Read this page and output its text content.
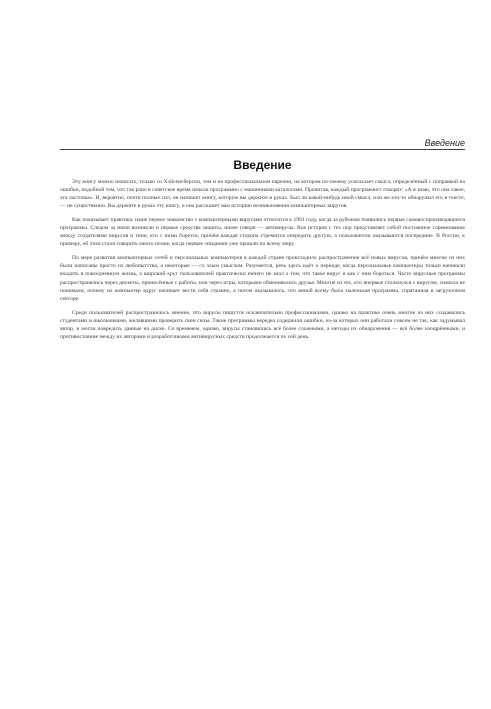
Введение
Введение

Эту книгу можно написать, только со Хэйсенсбергом, тем и на профессиональном наречии, на котором по-своему ускользает смысл, определённый с поправкой на ошибки, подобной тем, что так рано в советское время начали программно с машинными каталогами. Прочитав, каждый программист говорит: «А я знаю, что она такое, эта ласточка». И, вероятно, почти полные сил, он напишет книгу, которую вы держите в руках. Был ли какой-нибудь иной смысл, или же кто-то обнаружил его в тексте, — не существенно. Вы держите в руках эту книгу, и она расскажет вам историю возникновения компьютерных вирусов.

Как показывает практика, наше первое знакомство с компьютерными вирусами относится к 1981 году, когда за рубежом появились первые самовоспроизводящиеся программы. Следом за ними возникли и первые средства защиты, иначе говоря — антивирусы. Вся история с тех пор представляет собой постоянное соревнование между создателями вирусов и теми, кто с ними борется, причём каждая сторона стремится опередить другую, а пользователи оказываются посередине. В России, к примеру, об этом стали говорить много позже, когда первые эпидемии уже прошли по всему миру.

По мере развития компьютерных сетей и персональных компьютеров в каждой стране происходило распространение всё новых вирусов, причём многие из них были написаны просто из любопытства, а некоторые — со злым умыслом. Разумеется, речь здесь идёт о периоде, когда персональные компьютеры только начинали входить в повседневную жизнь, а широкий круг пользователей практически ничего не знал о том, что такое вирус и как с ним бороться. Часто вирусные программы распространялись через дискеты, принесённые с работы, или через игры, которыми обменивались друзья. Многие из тех, кто впервые столкнулся с вирусом, сначала не понимали, почему их компьютер вдруг начинает вести себя странно, а потом оказывалось, что виной всему была маленькая программа, спрятанная в загрузочном секторе.

Среди пользователей распространилось мнение, что вирусы пишутся исключительно профессионалами, однако на практике очень многие из них создавались студентами и школьниками, желавшими проверить свои силы. Такие программы нередко содержали ошибки, из-за которых они работали совсем не так, как задумывал автор, и могли повредить данные на диске. Со временем, однако, вирусы становились всё более сложными, а методы их обнаружения — всё более изощрёнными, и противостояние между их авторами и разработчиками антивирусных средств продолжается по сей день.
